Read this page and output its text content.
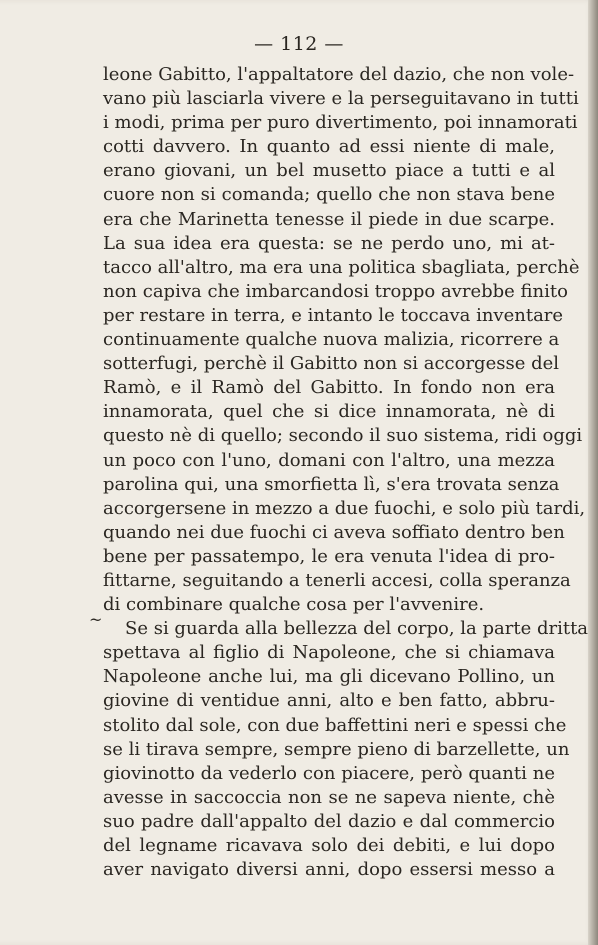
— 112 —
~
leone Gabitto, l'appaltatore del dazio, che non vole-
vano più lasciarla vivere e la perseguitavano in tutti
i modi, prima per puro divertimento, poi innamorati
cotti davvero. In quanto ad essi niente di male,
erano giovani, un bel musetto piace a tutti e al
cuore non si comanda; quello che non stava bene
era che Marinetta tenesse il piede in due scarpe.
La sua idea era questa: se ne perdo uno, mi at-
tacco all'altro, ma era una politica sbagliata, perchè
non capiva che imbarcandosi troppo avrebbe finito
per restare in terra, e intanto le toccava inventare
continuamente qualche nuova malizia, ricorrere a
sotterfugi, perchè il Gabitto non si accorgesse del
Ramò, e il Ramò del Gabitto. In fondo non era
innamorata, quel che si dice innamorata, nè di
questo nè di quello; secondo il suo sistema, ridi oggi
un poco con l'uno, domani con l'altro, una mezza
parolina qui, una smorfietta lì, s'era trovata senza
accorgersene in mezzo a due fuochi, e solo più tardi,
quando nei due fuochi ci aveva soffiato dentro ben
bene per passatempo, le era venuta l'idea di pro-
fittarne, seguitando a tenerli accesi, colla speranza
di combinare qualche cosa per l'avvenire.
Se si guarda alla bellezza del corpo, la parte dritta
spettava al figlio di Napoleone, che si chiamava
Napoleone anche lui, ma gli dicevano Pollino, un
giovine di ventidue anni, alto e ben fatto, abbru-
stolito dal sole, con due baffettini neri e spessi che
se li tirava sempre, sempre pieno di barzellette, un
giovinotto da vederlo con piacere, però quanti ne
avesse in saccoccia non se ne sapeva niente, chè
suo padre dall'appalto del dazio e dal commercio
del legname ricavava solo dei debiti, e lui dopo
aver navigato diversi anni, dopo essersi messo a
